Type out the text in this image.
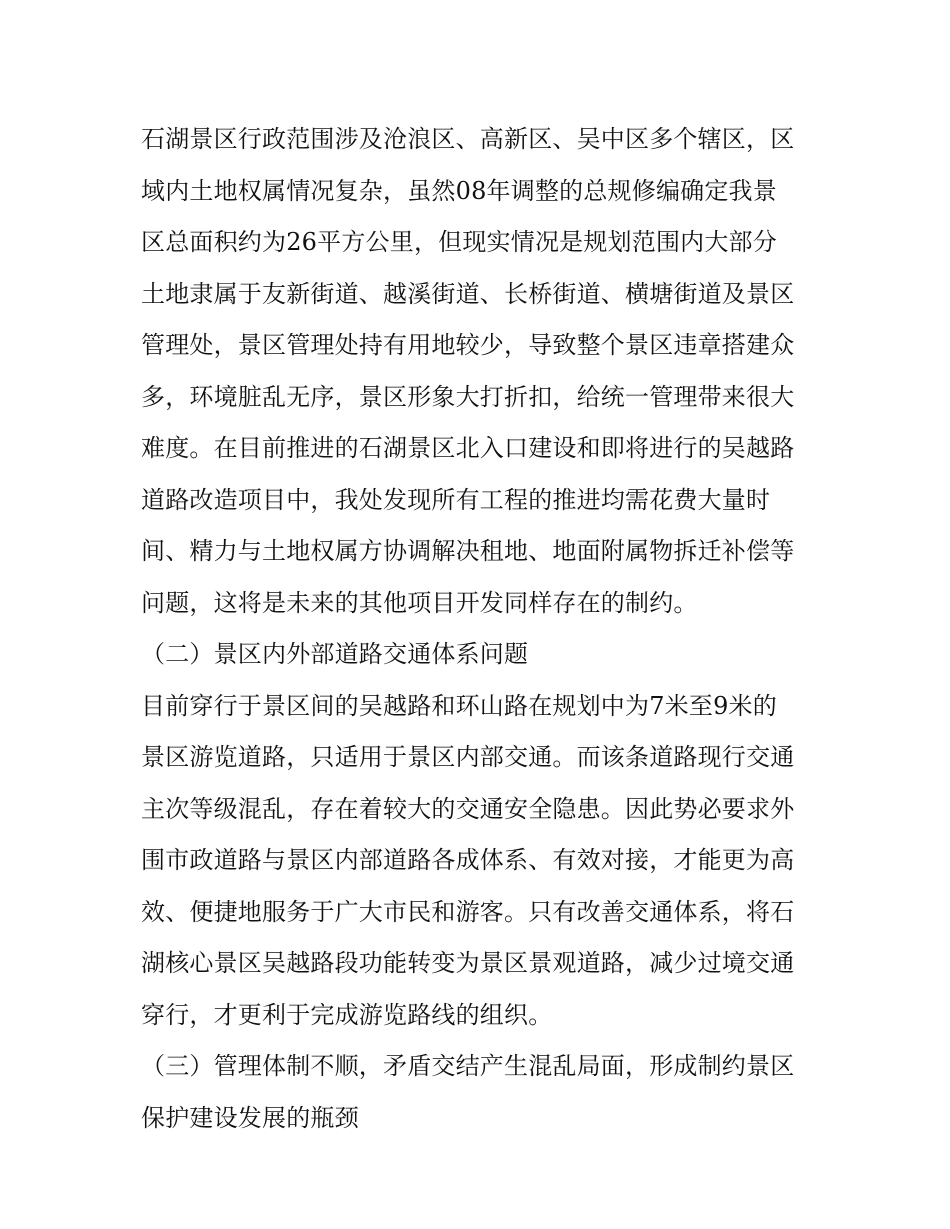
石湖景区行政范围涉及沧浪区、高新区、吴中区多个辖区，区
域内土地权属情况复杂，虽然08年调整的总规修编确定我景
区总面积约为26平方公里，但现实情况是规划范围内大部分
土地隶属于友新街道、越溪街道、长桥街道、横塘街道及景区
管理处，景区管理处持有用地较少，导致整个景区违章搭建众
多，环境脏乱无序，景区形象大打折扣，给统一管理带来很大
难度。在目前推进的石湖景区北入口建设和即将进行的吴越路
道路改造项目中，我处发现所有工程的推进均需花费大量时
间、精力与土地权属方协调解决租地、地面附属物拆迁补偿等
问题，这将是未来的其他项目开发同样存在的制约。
（二）景区内外部道路交通体系问题
目前穿行于景区间的吴越路和环山路在规划中为7米至9米的
景区游览道路，只适用于景区内部交通。而该条道路现行交通
主次等级混乱，存在着较大的交通安全隐患。因此势必要求外
围市政道路与景区内部道路各成体系、有效对接，才能更为高
效、便捷地服务于广大市民和游客。只有改善交通体系，将石
湖核心景区吴越路段功能转变为景区景观道路，减少过境交通
穿行，才更利于完成游览路线的组织。
（三）管理体制不顺，矛盾交结产生混乱局面，形成制约景区
保护建设发展的瓶颈
